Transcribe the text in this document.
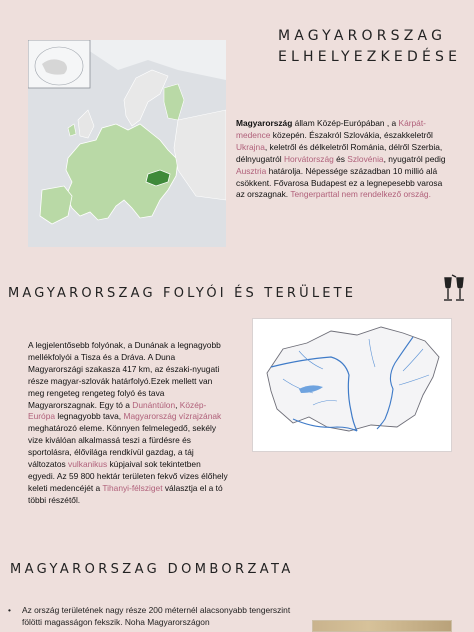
MAGYARORSZAG
ELHELYEZKEDÉSE

Magyarország állam Közép-Európában , a Kárpát-medence közepén. Északról Szlovákia, északkeletről Ukrajna, keletről és délkeletről Románia, délről Szerbia, délnyugatról Horvátország és Szlovénia, nyugatról pedig Ausztria határolja. Népessége században 10 millió alá csökkent. Fővarosa Budapest ez a legnepesebb varosa az orszagnak. Tengerparttal nem rendelkező ország.

MAGYARORSZAG FOLYÓI ÉS TERÜLETE

A legjelentősebb folyónak, a Dunának a legnagyobb mellékfolyói a Tisza és a Dráva. A Duna Magyarországi szakasza 417 km, az északi-nyugati része magyar-szlovák határfolyó.Ezek mellett van meg rengeteg rengeteg folyó és tava Magyarorszagnak. Egy tó a Dunántúlon, Közép-Európa legnagyobb tava, Magyarország vízrajzának meghatározó eleme. Könnyen felmelegedő, sekély vize kiválóan alkalmassá teszi a fürdésre és sportolásra, élővilága rendkívül gazdag, a táj változatos vulkanikus kúpjaival sok tekintetben egyedi. Az 59 800 hektár területen fekvő vizes élőhely keleti medencéjét a Tihanyi-félsziget választja el a tó többi részétől.

MAGYARORSZAG DOMBORZATA
• Az ország területének nagy része 200 méternél alacsonyabb tengerszint fölötti magasságon fekszik. Noha Magyarországon
